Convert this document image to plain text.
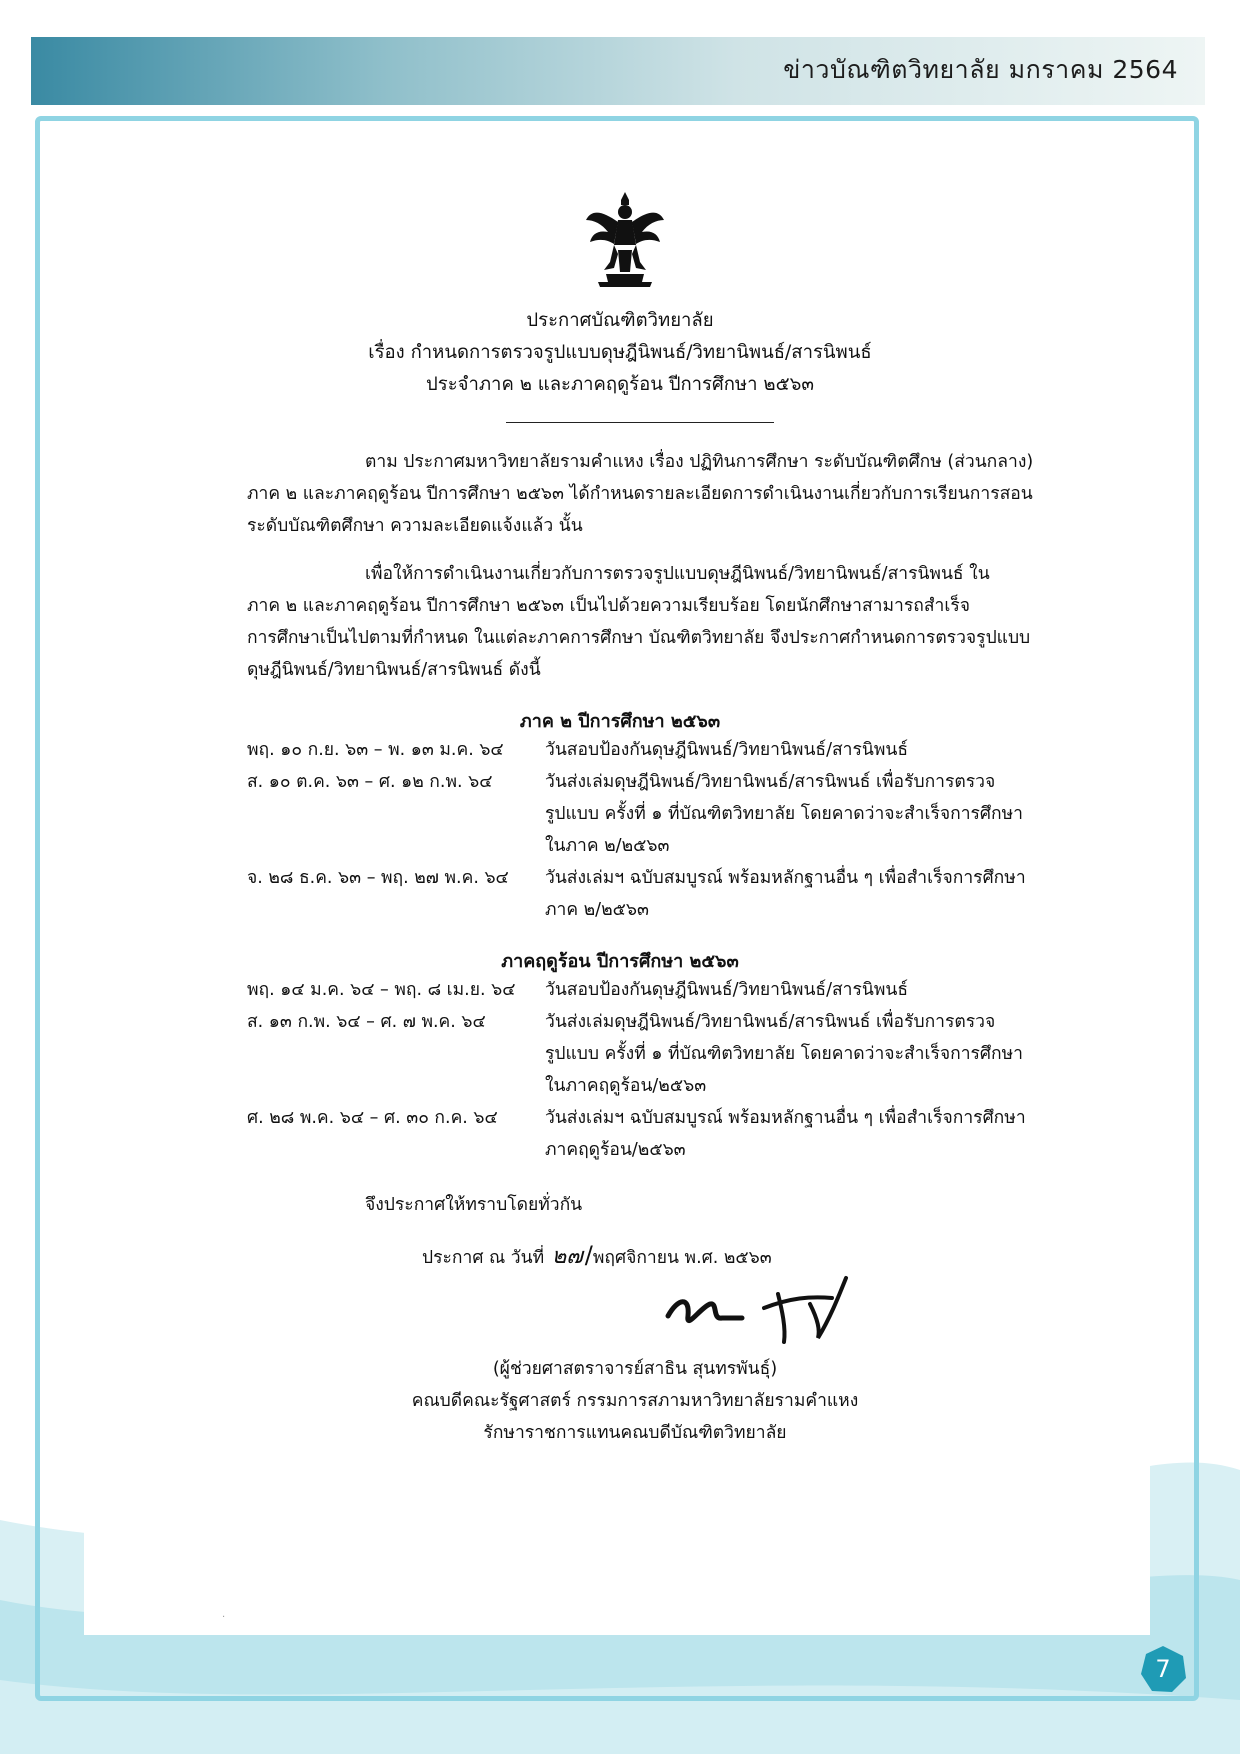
ข่าวบัณฑิตวิทยาลัย มกราคม 2564
ประกาศบัณฑิตวิทยาลัย
เรื่อง กำหนดการตรวจรูปแบบดุษฎีนิพนธ์/วิทยานิพนธ์/สารนิพนธ์
ประจำภาค ๒ และภาคฤดูร้อน ปีการศึกษา ๒๕๖๓
ตาม ประกาศมหาวิทยาลัยรามคำแหง เรื่อง ปฏิทินการศึกษา ระดับบัณฑิตศึกษ (ส่วนกลาง)
ภาค ๒ และภาคฤดูร้อน ปีการศึกษา ๒๕๖๓ ได้กำหนดรายละเอียดการดำเนินงานเกี่ยวกับการเรียนการสอน
ระดับบัณฑิตศึกษา ความละเอียดแจ้งแล้ว นั้น
เพื่อให้การดำเนินงานเกี่ยวกับการตรวจรูปแบบดุษฎีนิพนธ์/วิทยานิพนธ์/สารนิพนธ์ ใน
ภาค ๒ และภาคฤดูร้อน ปีการศึกษา ๒๕๖๓ เป็นไปด้วยความเรียบร้อย โดยนักศึกษาสามารถสำเร็จ
การศึกษาเป็นไปตามที่กำหนด ในแต่ละภาคการศึกษา บัณฑิตวิทยาลัย จึงประกาศกำหนดการตรวจรูปแบบ
ดุษฎีนิพนธ์/วิทยานิพนธ์/สารนิพนธ์ ดังนี้
ภาค ๒ ปีการศึกษา ๒๕๖๓
พฤ. ๑๐ ก.ย. ๖๓ – พ. ๑๓ ม.ค. ๖๔ วันสอบป้องกันดุษฎีนิพนธ์/วิทยานิพนธ์/สารนิพนธ์
ส. ๑๐ ต.ค. ๖๓ – ศ. ๑๒ ก.พ. ๖๔	วันส่งเล่มดุษฎีนิพนธ์/วิทยานิพนธ์/สารนิพนธ์ เพื่อรับการตรวจ
รูปแบบ ครั้งที่ ๑ ที่บัณฑิตวิทยาลัย โดยคาดว่าจะสำเร็จการศึกษา
ในภาค ๒/๒๕๖๓
จ. ๒๘ ธ.ค. ๖๓ – พฤ. ๒๗ พ.ค. ๖๔ วันส่งเล่มฯ ฉบับสมบูรณ์ พร้อมหลักฐานอื่น ๆ เพื่อสำเร็จการศึกษา
ภาค ๒/๒๕๖๓
ภาคฤดูร้อน ปีการศึกษา ๒๕๖๓
พฤ. ๑๔ ม.ค. ๖๔ – พฤ. ๘ เม.ย. ๖๔ วันสอบป้องกันดุษฎีนิพนธ์/วิทยานิพนธ์/สารนิพนธ์
ส. ๑๓ ก.พ. ๖๔ – ศ. ๗ พ.ค. ๖๔	วันส่งเล่มดุษฎีนิพนธ์/วิทยานิพนธ์/สารนิพนธ์ เพื่อรับการตรวจ
รูปแบบ ครั้งที่ ๑ ที่บัณฑิตวิทยาลัย โดยคาดว่าจะสำเร็จการศึกษา
ในภาคฤดูร้อน/๒๕๖๓
ศ. ๒๘ พ.ค. ๖๔ – ศ. ๓๐ ก.ค. ๖๔	วันส่งเล่มฯ ฉบับสมบูรณ์ พร้อมหลักฐานอื่น ๆ เพื่อสำเร็จการศึกษา
ภาคฤดูร้อน/๒๕๖๓
จึงประกาศให้ทราบโดยทั่วกัน
ประกาศ ณ วันที่ ๒๗/พฤศจิกายน พ.ศ. ๒๕๖๓
(ผู้ช่วยศาสตราจารย์สาธิน สุนทรพันธุ์)
คณบดีคณะรัฐศาสตร์ กรรมการสภามหาวิทยาลัยรามคำแหง
รักษาราชการแทนคณบดีบัณฑิตวิทยาลัย
·
7
